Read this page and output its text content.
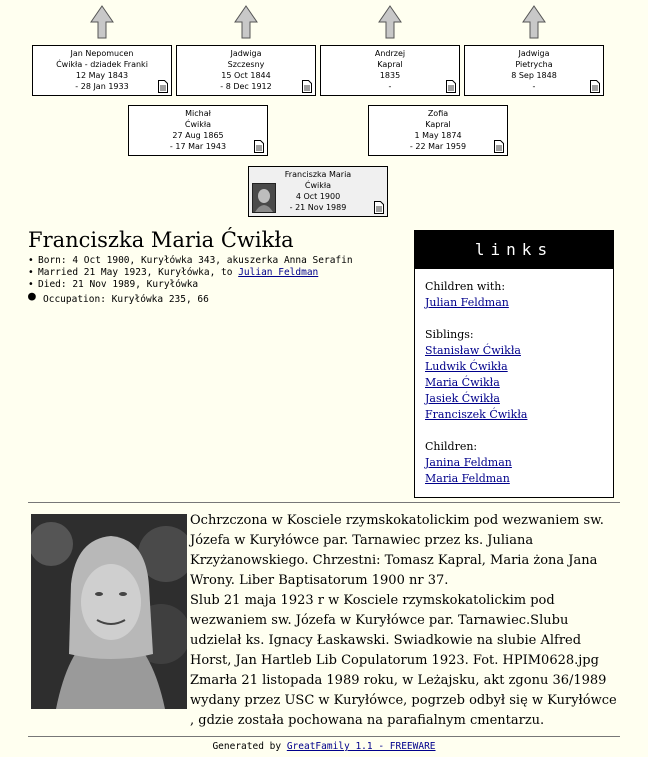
Jan Nepomucen
Ćwikła - dziadek Franki
12 May 1843
- 28 Jan 1933
Jadwiga
Szczesny
15 Oct 1844
- 8 Dec 1912
Andrzej
Kapral
1835
-
Jadwiga
Pietrycha
8 Sep 1848
-
Michał
Ćwikła
27 Aug 1865
- 17 Mar 1943
Zofia
Kapral
1 May 1874
- 22 Mar 1959
Franciszka Maria
Ćwikła
4 Oct 1900
- 21 Nov 1989
Franciszka Maria Ćwikła
• Born: 4 Oct 1900, Kuryłówka 343, akuszerka Anna Serafin
• Married 21 May 1923, Kuryłówka, to Julian Feldman
• Died: 21 Nov 1989, Kuryłówka
● Occupation: Kuryłówka 235, 66
links
Children with:
Julian Feldman
Siblings:
Stanisław Ćwikła
Ludwik Ćwikła
Maria Ćwikła
Jasiek Ćwikła
Franciszek Ćwikła
Children:
Janina Feldman
Maria Feldman

Ochrzczona w Kosciele rzymskokatolickim pod wezwaniem sw. Józefa w Kuryłówce par. Tarnawiec przez ks. Juliana Krzyżanowskiego. Chrzestni: Tomasz Kapral, Maria żona Jana Wrony. Liber Baptisatorum 1900 nr 37.

Slub 21 maja 1923 r w Kosciele rzymskokatolickim pod wezwaniem sw. Józefa w Kuryłówce par. Tarnawiec.Slubu udzielał ks. Ignacy Łaskawski. Swiadkowie na slubie Alfred Horst, Jan Hartleb Lib Copulatorum 1923. Fot. HPIM0628.jpg

Zmarła 21 listopada 1989 roku, w Leżajsku, akt zgonu 36/1989 wydany przez USC w Kuryłówce, pogrzeb odbył się w Kuryłówce , gdzie została pochowana na parafialnym cmentarzu.

Generated by GreatFamily 1.1 - FREEWARE
